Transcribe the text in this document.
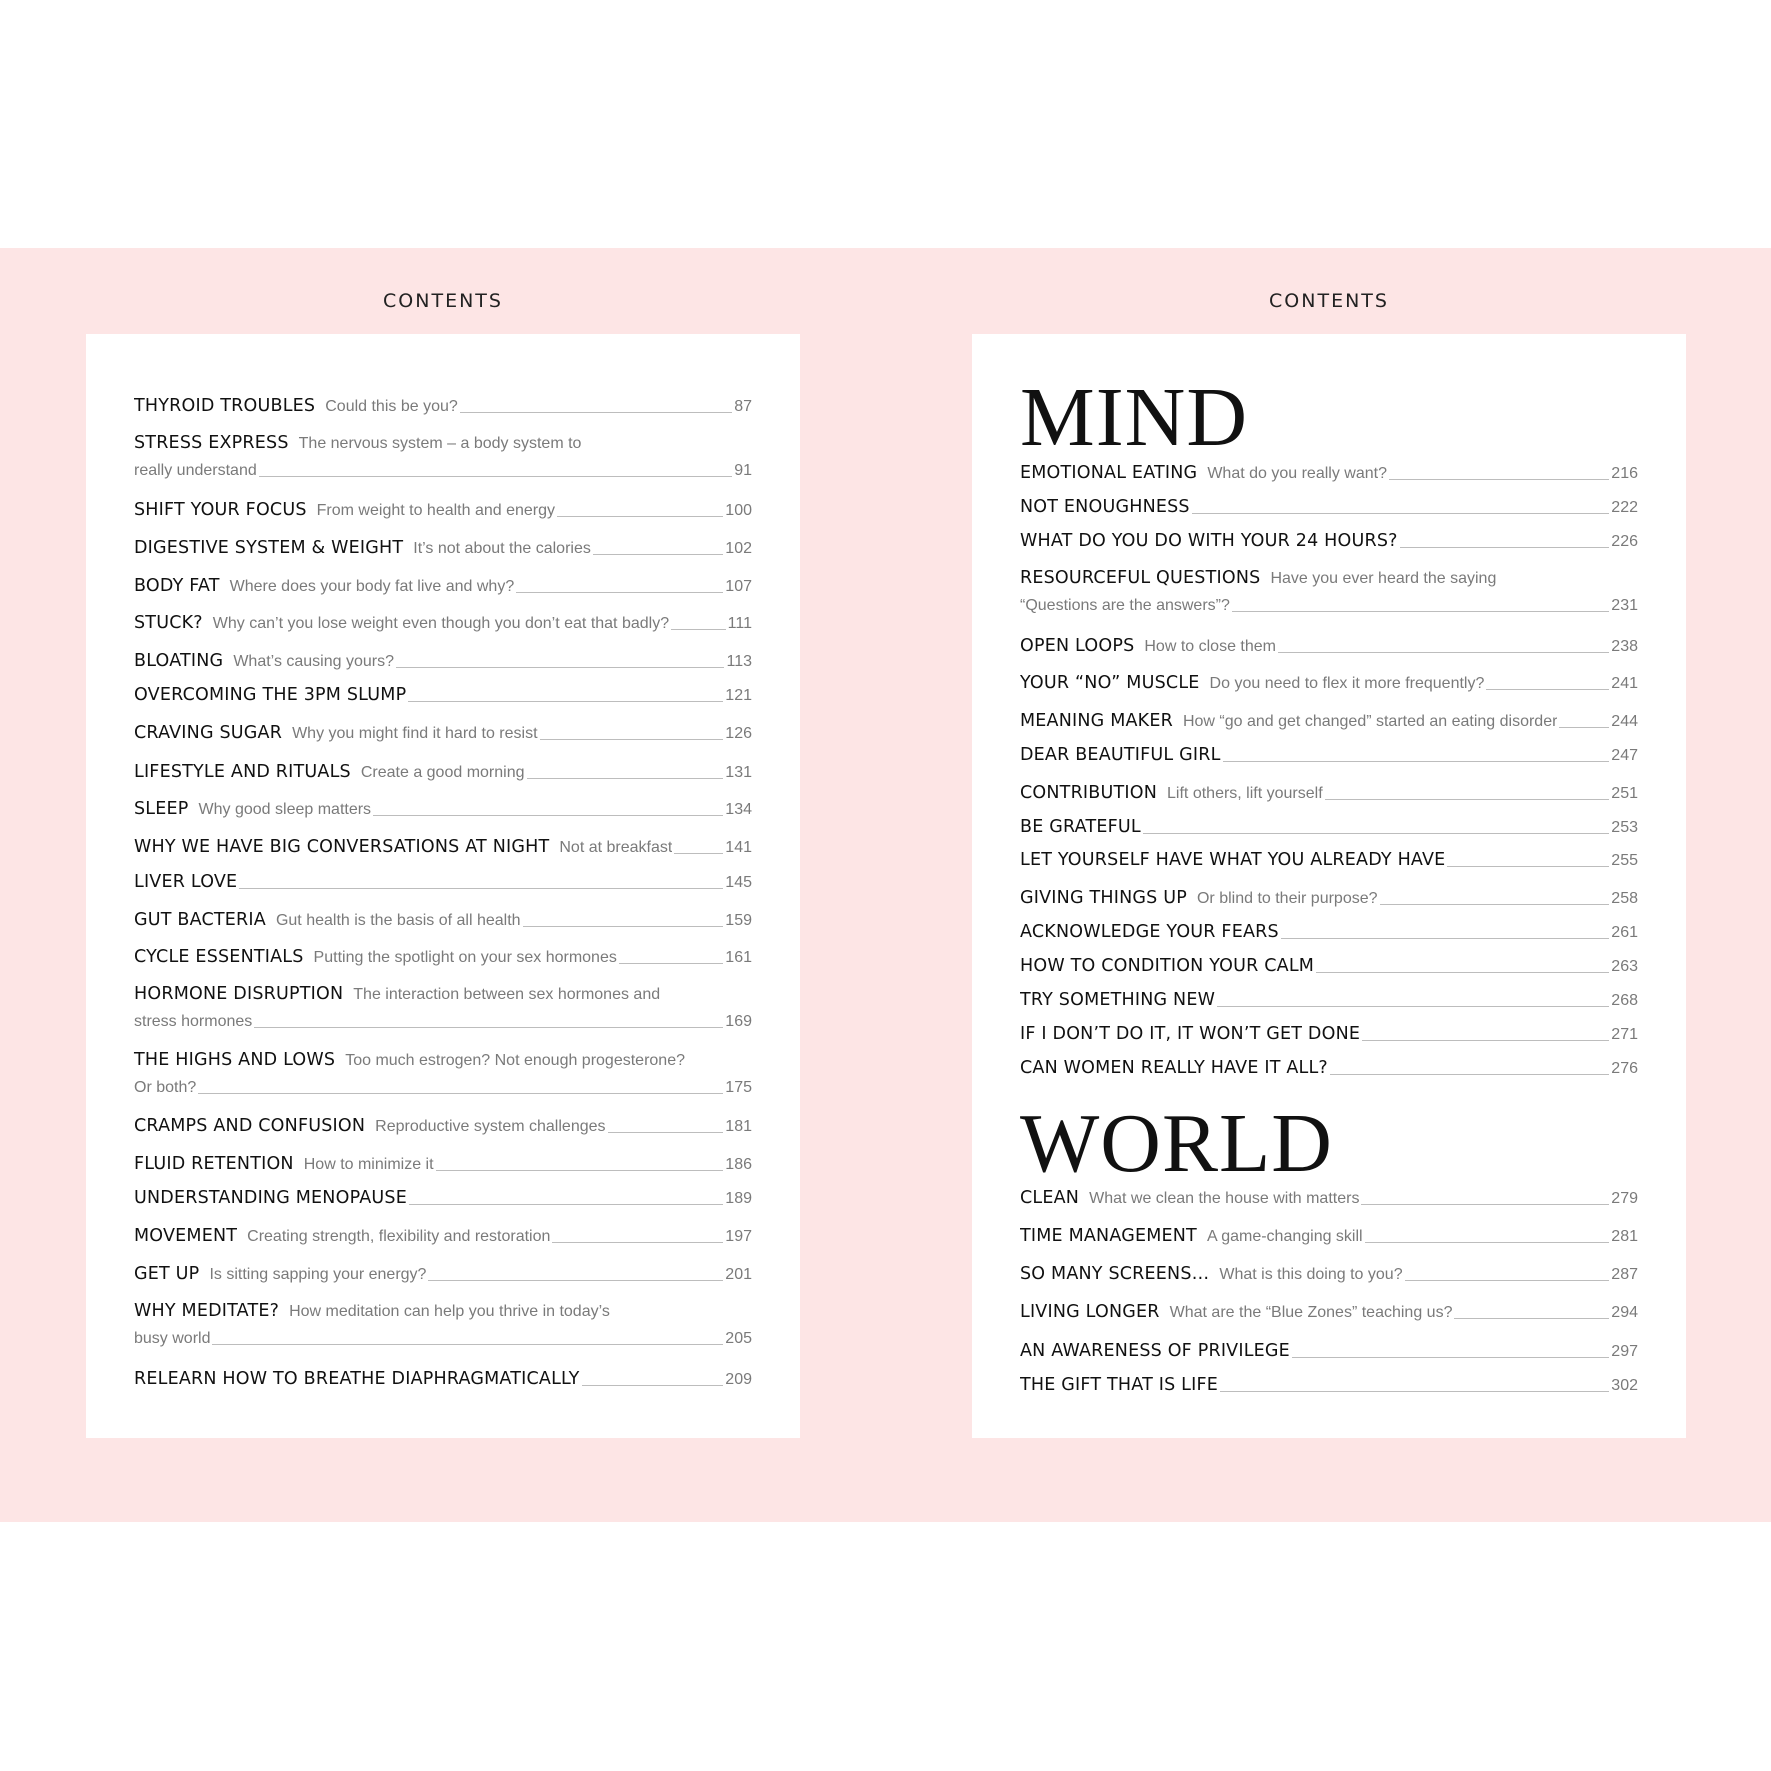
CONTENTS	CONTENTS
THYROID TROUBLES Could this be you?	87
STRESS EXPRESS The nervous system – a body system to
really understand	91
SHIFT YOUR FOCUS From weight to health and energy	100
DIGESTIVE SYSTEM & WEIGHT It’s not about the calories	102
BODY FAT Where does your body fat live and why?	107
STUCK? Why can’t you lose weight even though you don’t eat that badly?	111
BLOATING What’s causing yours?	113
OVERCOMING THE 3PM SLUMP	121
CRAVING SUGAR Why you might find it hard to resist	126
LIFESTYLE AND RITUALS Create a good morning	131
SLEEP Why good sleep matters	134
WHY WE HAVE BIG CONVERSATIONS AT NIGHT Not at breakfast	141
LIVER LOVE	145
GUT BACTERIA Gut health is the basis of all health	159
CYCLE ESSENTIALS Putting the spotlight on your sex hormones	161
HORMONE DISRUPTION The interaction between sex hormones and
stress hormones	169
THE HIGHS AND LOWS Too much estrogen? Not enough progesterone?
Or both?	175
CRAMPS AND CONFUSION Reproductive system challenges	181
FLUID RETENTION How to minimize it	186
UNDERSTANDING MENOPAUSE	189
MOVEMENT Creating strength, flexibility and restoration	197
GET UP Is sitting sapping your energy?	201
WHY MEDITATE? How meditation can help you thrive in today’s
busy world	205
RELEARN HOW TO BREATHE DIAPHRAGMATICALLY	209
MIND
WORLD
EMOTIONAL EATING What do you really want?	216
NOT ENOUGHNESS	222
WHAT DO YOU DO WITH YOUR 24 HOURS?	226
RESOURCEFUL QUESTIONS Have you ever heard the saying
“Questions are the answers”?	231
OPEN LOOPS How to close them	238
YOUR “NO” MUSCLE Do you need to flex it more frequently?	241
MEANING MAKER How “go and get changed” started an eating disorder	244
DEAR BEAUTIFUL GIRL	247
CONTRIBUTION Lift others, lift yourself	251
BE GRATEFUL	253
LET YOURSELF HAVE WHAT YOU ALREADY HAVE	255
GIVING THINGS UP Or blind to their purpose?	258
ACKNOWLEDGE YOUR FEARS	261
HOW TO CONDITION YOUR CALM	263
TRY SOMETHING NEW	268
IF I DON’T DO IT, IT WON’T GET DONE	271
CAN WOMEN REALLY HAVE IT ALL?	276
CLEAN What we clean the house with matters	279
TIME MANAGEMENT A game-changing skill	281
SO MANY SCREENS… What is this doing to you?	287
LIVING LONGER What are the “Blue Zones” teaching us?	294
AN AWARENESS OF PRIVILEGE	297
THE GIFT THAT IS LIFE	302
